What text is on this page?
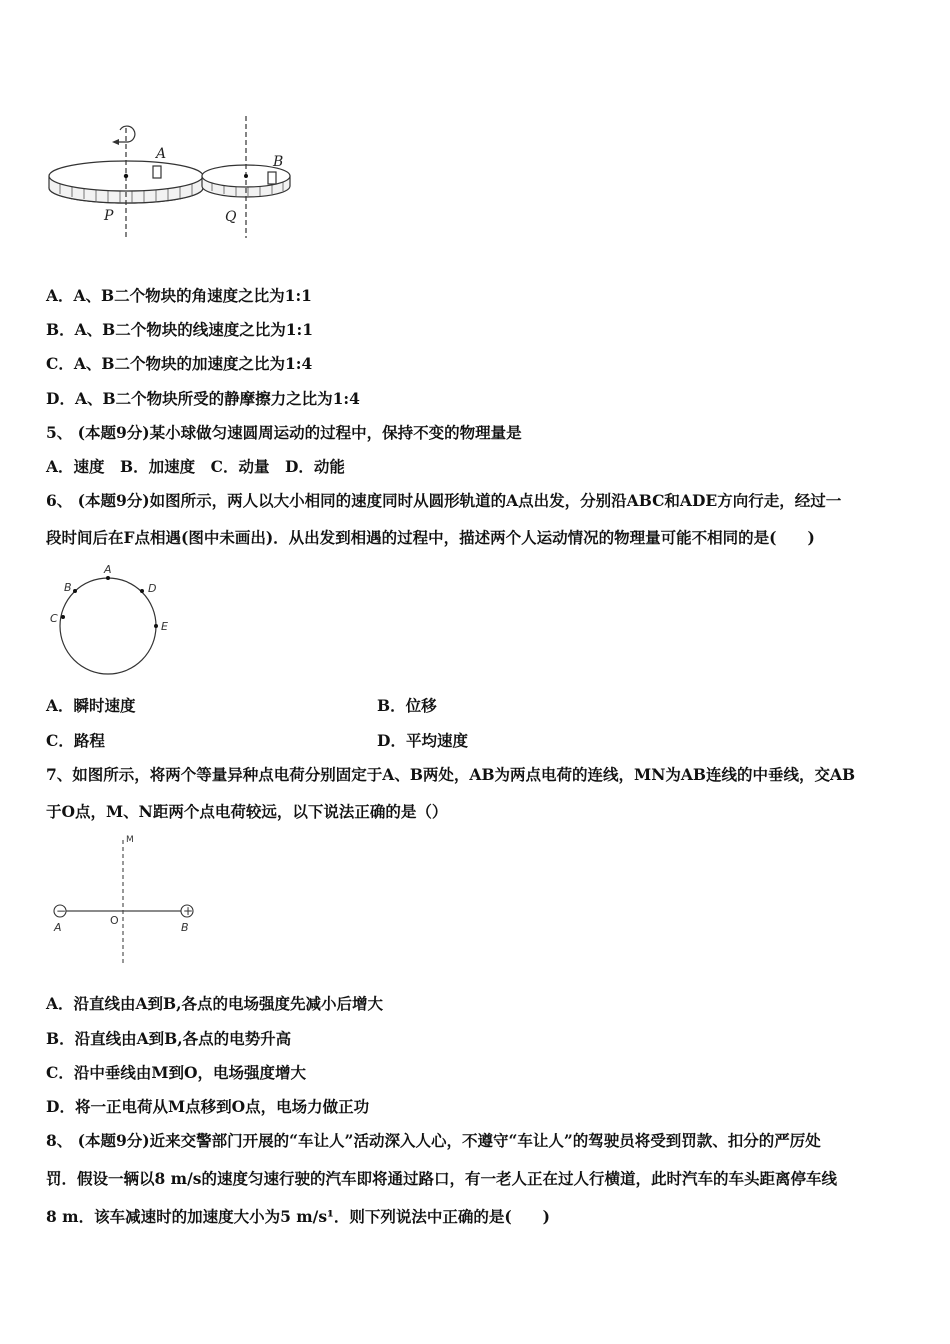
A	B
P	Q
A．A、B二个物块的角速度之比为1:1
B．A、B二个物块的线速度之比为1:1
C．A、B二个物块的加速度之比为1:4
D．A、B二个物块所受的静摩擦力之比为1:4
5、 (本题9分)某小球做匀速圆周运动的过程中，保持不变的物理量是
A．速度　B．加速度　C．动量　D．动能
6、 (本题9分)如图所示，两人以大小相同的速度同时从圆形轨道的A点出发，分别沿ABC和ADE方向行走，经过一
段时间后在F点相遇(图中未画出)．从出发到相遇的过程中，描述两个人运动情况的物理量可能不相同的是(　　)
A
B
C
D
E
A．瞬时速度	B．位移
C．路程	D．平均速度
7、如图所示，将两个等量异种点电荷分别固定于A、B两处，AB为两点电荷的连线，MN为AB连线的中垂线，交AB
于O点，M、N距两个点电荷较远，以下说法正确的是（）
−	+
M
O
A	B
A．沿直线由A到B,各点的电场强度先减小后增大
B．沿直线由A到B,各点的电势升高
C．沿中垂线由M到O，电场强度增大
D．将一正电荷从M点移到O点，电场力做正功
8、 (本题9分)近来交警部门开展的“车让人”活动深入人心，不遵守“车让人”的驾驶员将受到罚款、扣分的严厉处
罚．假设一辆以8 m/s的速度匀速行驶的汽车即将通过路口，有一老人正在过人行横道，此时汽车的车头距离停车线
8 m．该车减速时的加速度大小为5 m/s¹．则下列说法中正确的是(　　)
